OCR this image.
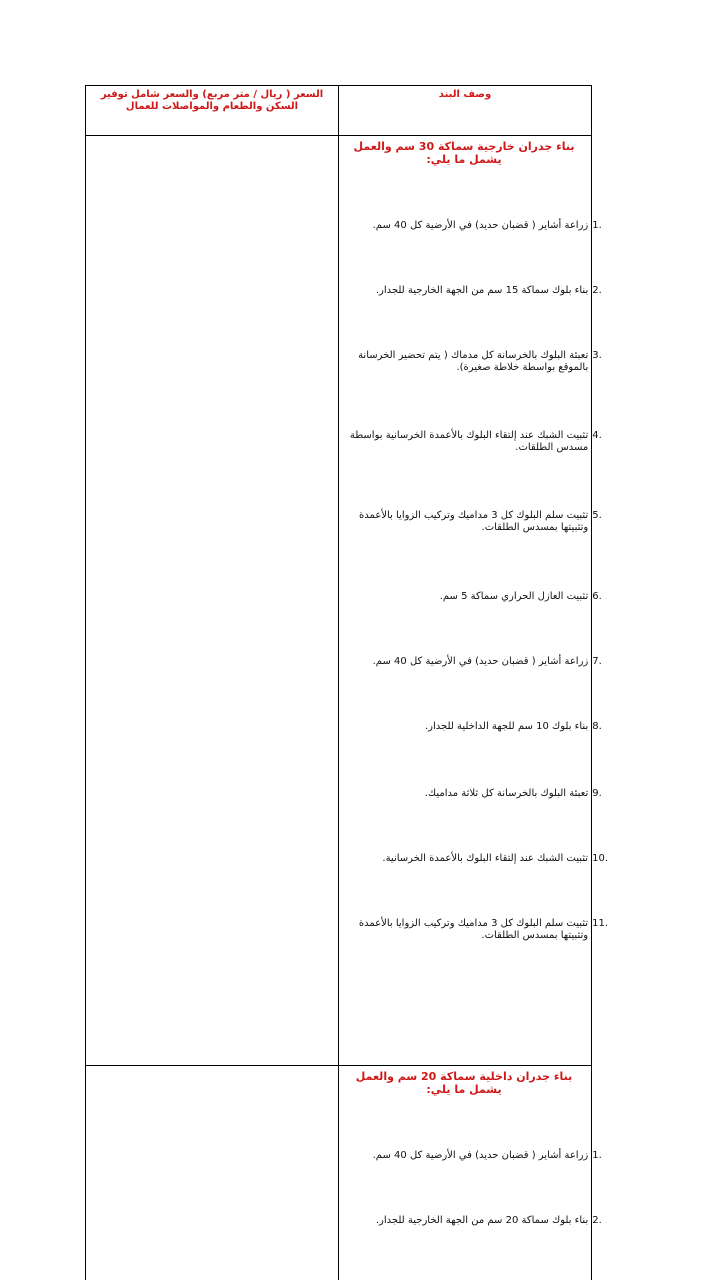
السعر ( ريال / متر مربع) والسعر شامل توفير السكن والطعام والمواصلات للعمال
وصف البند
بناء جدران خارجية سماكة 30 سم والعمل يشمل ما يلي:
زراعة أشاير ( قضبان حديد) في الأرضية كل 40 سم. 1.
بناء بلوك سماكة 15 سم من الجهة الخارجية للجدار. 2.
تعبئة البلوك بالخرسانة كل مدماك ( يتم تحضير الخرسانة بالموقع بواسطة خلاطة صغيرة).
3.
تثبيت الشبك عند إلتقاء البلوك بالأعمدة الخرسانية بواسطة مسدس الطلقات.
4.
تثبيت سلم البلوك كل 3 مداميك وتركيب الزوايا بالأعمدة وتثبيتها بمسدس الطلقات.
5.
تثبيت العازل الحراري سماكة 5 سم. 6.
زراعة أشاير ( قضبان حديد) في الأرضية كل 40 سم. 7.
بناء بلوك 10 سم للجهة الداخلية للجدار. 8.
تعبئة البلوك بالخرسانة كل ثلاثة مداميك. 9.
تثبيت الشبك عند إلتقاء البلوك بالأعمدة الخرسانية. 10.
تثبيت سلم البلوك كل 3 مداميك وتركيب الزوايا بالأعمدة وتثبيتها بمسدس الطلقات.
11.
بناء جدران داخلية سماكة 20 سم والعمل يشمل ما يلي:
زراعة أشاير ( قضبان حديد) في الأرضية كل 40 سم. 1.
بناء بلوك سماكة 20 سم من الجهة الخارجية للجدار. 2.
